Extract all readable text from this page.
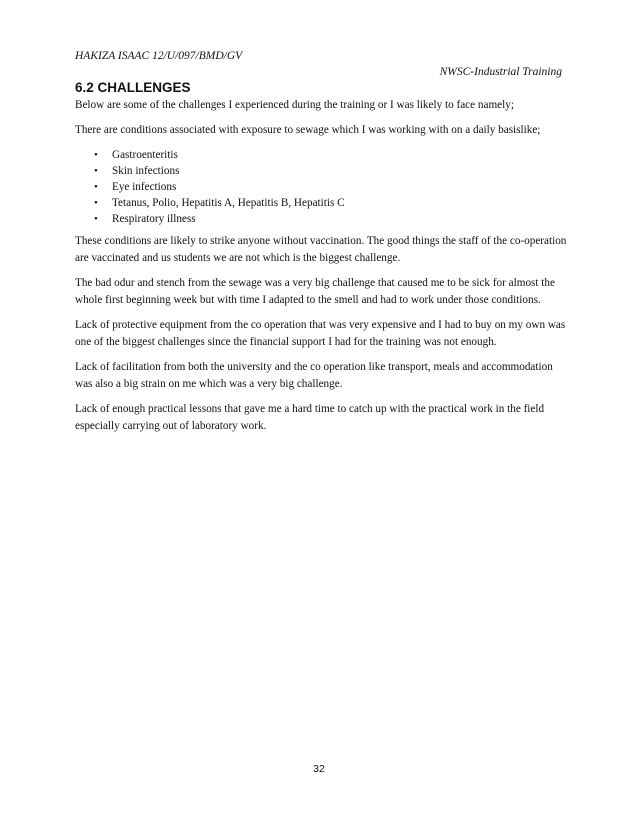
HAKIZA ISAAC 12/U/097/BMD/GV
NWSC-Industrial Training
6.2 CHALLENGES

Below are some of the challenges I experienced during the training or I was likely to face namely;

There are conditions associated with exposure to sewage which I was working with on a daily basislike;

• Gastroenteritis
• Skin infections
• Eye infections
• Tetanus, Polio, Hepatitis A, Hepatitis B, Hepatitis C
• Respiratory illness

These conditions are likely to strike anyone without vaccination. The good things the staff of the co-operation are vaccinated and us students we are not which is the biggest challenge.

The bad odur and stench from the sewage was a very big challenge that caused me to be sick for almost the whole first beginning week but with time I adapted to the smell and had to work under those conditions.

Lack of protective equipment from the co operation that was very expensive and I had to buy on my own was one of the biggest challenges since the financial support I had for the training was not enough.

Lack of facilitation from both the university and the co operation like transport, meals and accommodation was also a big strain on me which was a very big challenge.

Lack of enough practical lessons that gave me a hard time to catch up with the practical work in the field especially carrying out of laboratory work.

32
